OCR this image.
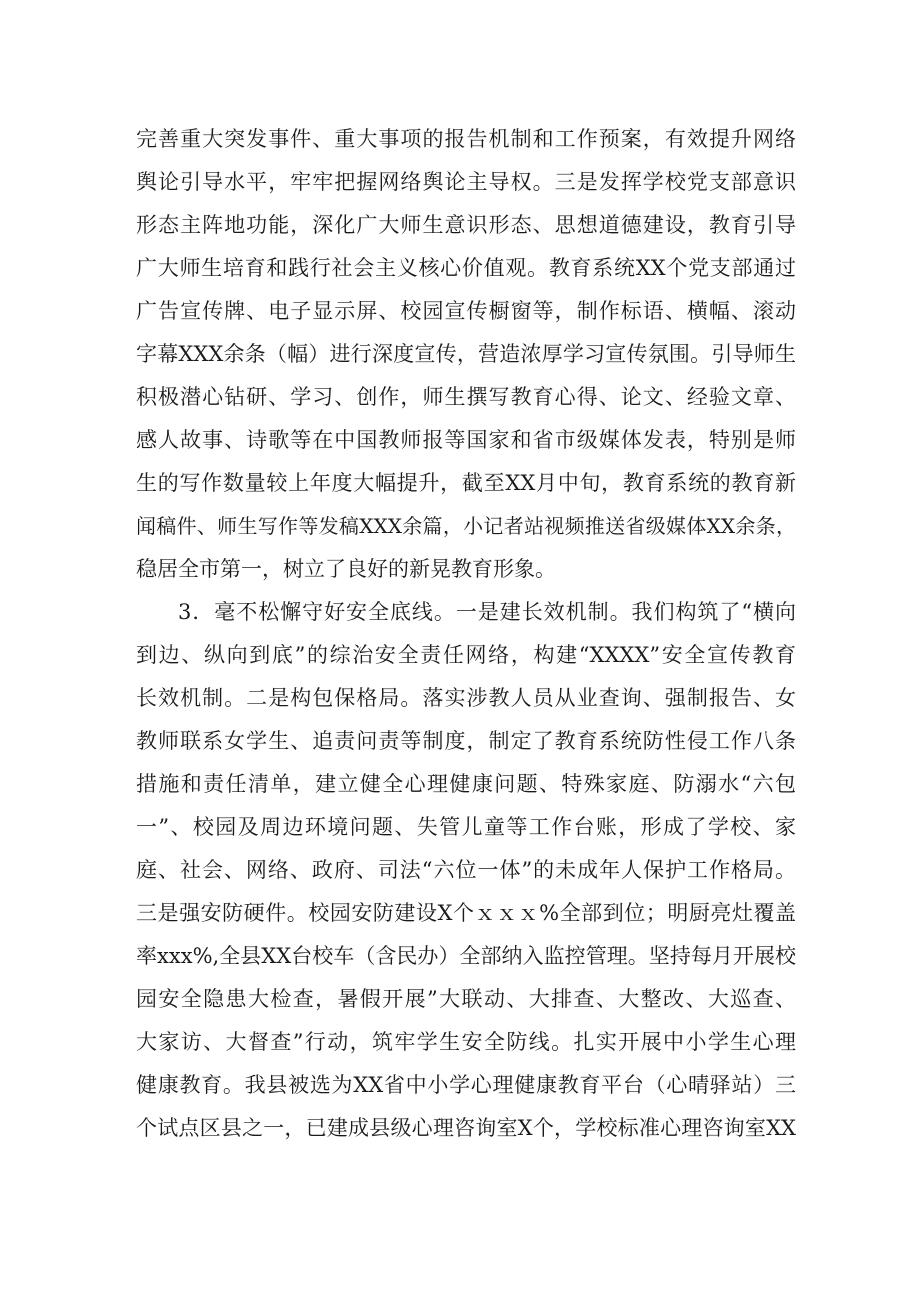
完善重大突发事件、重大事项的报告机制和工作预案，有效提升网络
舆论引导水平，牢牢把握网络舆论主导权。三是发挥学校党支部意识
形态主阵地功能，深化广大师生意识形态、思想道德建设，教育引导
广大师生培育和践行社会主义核心价值观。教育系统XX个党支部通过
广告宣传牌、电子显示屏、校园宣传橱窗等，制作标语、横幅、滚动
字幕XXX余条（幅）进行深度宣传，营造浓厚学习宣传氛围。引导师生
积极潜心钻研、学习、创作，师生撰写教育心得、论文、经验文章、
感人故事、诗歌等在中国教师报等国家和省市级媒体发表，特别是师
生的写作数量较上年度大幅提升，截至XX月中旬，教育系统的教育新
闻稿件、师生写作等发稿XXX余篇，小记者站视频推送省级媒体XX余条，
稳居全市第一，树立了良好的新晃教育形象。
3．毫不松懈守好安全底线。一是建长效机制。我们构筑了“横向
到边、纵向到底”的综治安全责任网络，构建“XXXX”安全宣传教育
长效机制。二是构包保格局。落实涉教人员从业查询、强制报告、女
教师联系女学生、追责问责等制度，制定了教育系统防性侵工作八条
措施和责任清单，建立健全心理健康问题、特殊家庭、防溺水“六包
一”、校园及周边环境问题、失管儿童等工作台账，形成了学校、家
庭、社会、网络、政府、司法“六位一体”的未成年人保护工作格局。
三是强安防硬件。校园安防建设X个ｘｘｘ%全部到位；明厨亮灶覆盖
率xxx%,全县XX台校车（含民办）全部纳入监控管理。坚持每月开展校
园安全隐患大检查，暑假开展”大联动、大排查、大整改、大巡查、
大家访、大督查”行动，筑牢学生安全防线。扎实开展中小学生心理
健康教育。我县被选为XX省中小学心理健康教育平台（心晴驿站）三
个试点区县之一，已建成县级心理咨询室X个，学校标准心理咨询室XX
